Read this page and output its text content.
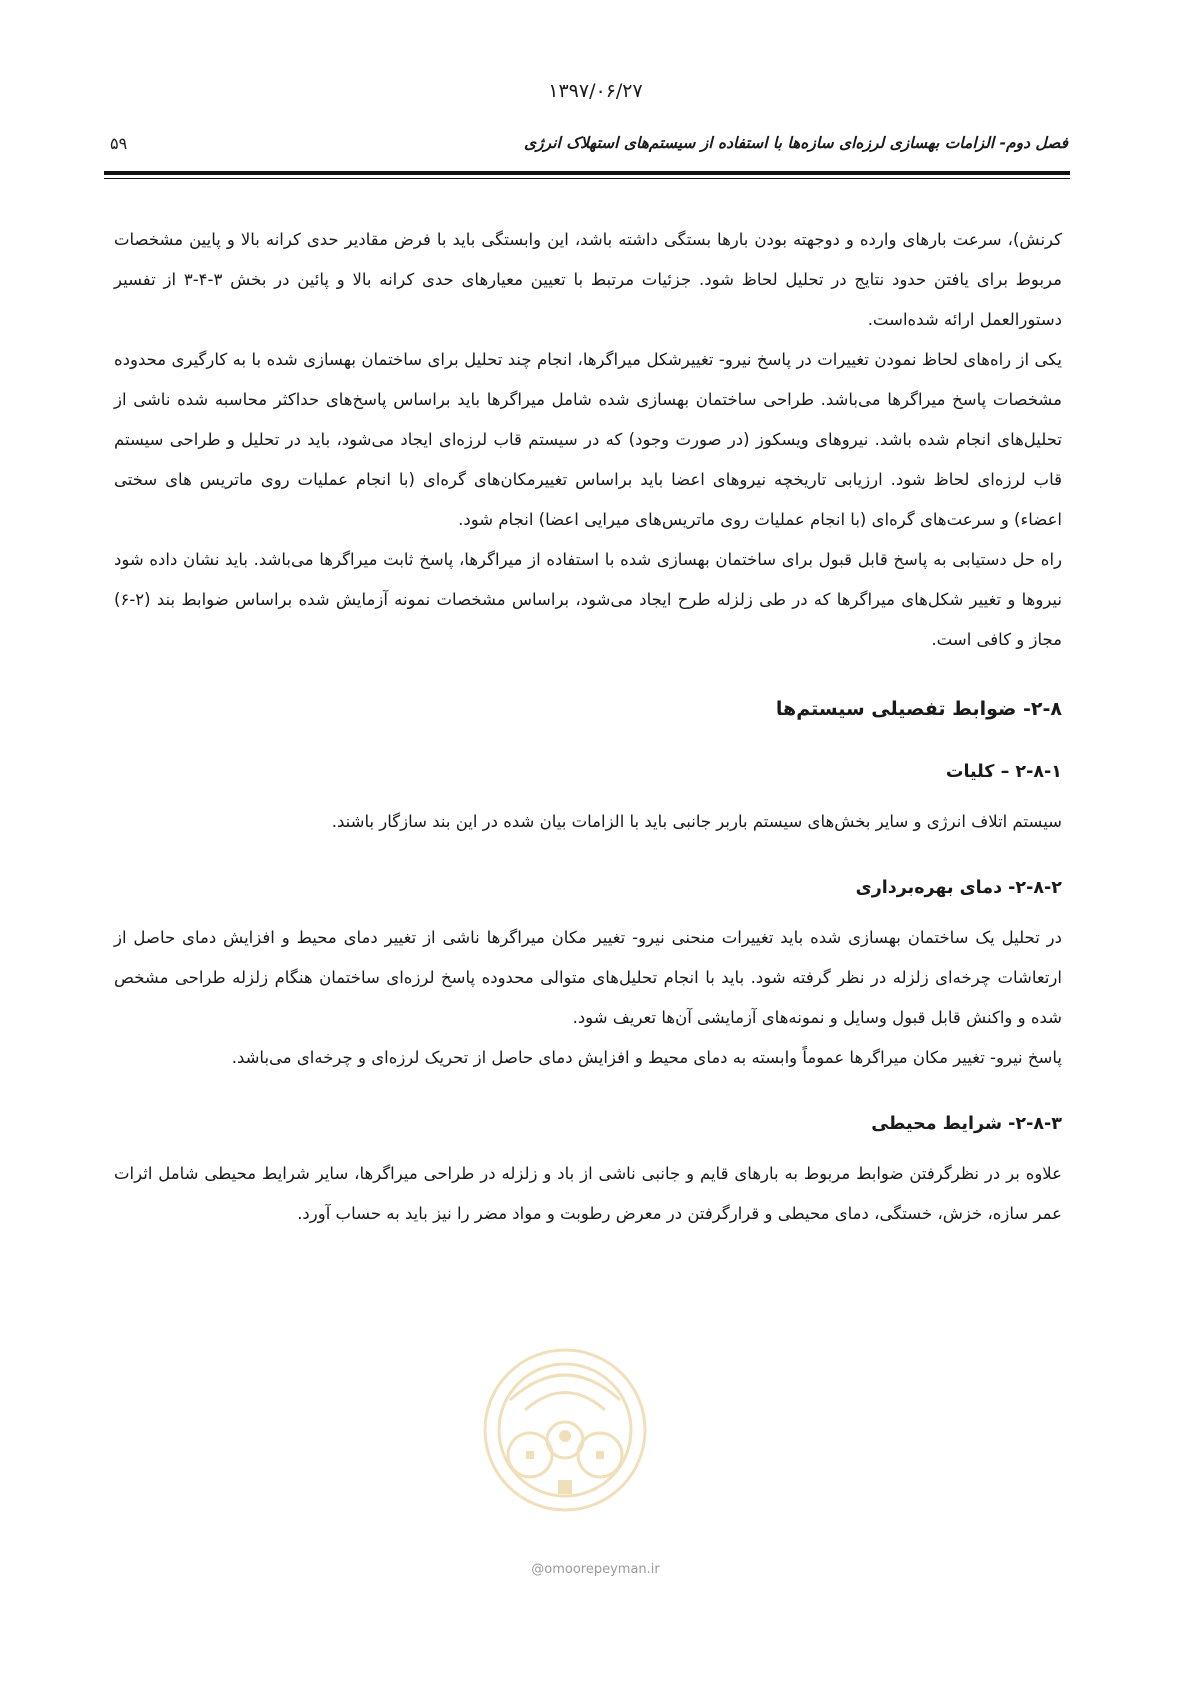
۱۳۹۷/۰۶/۲۷
فصل دوم- الزامات بهسازی لرزه‌ای سازه‌ها با استفاده از سیستم‌های استهلاک انرژی
۵۹

کرنش)، سرعت بارهای وارده و دوجهته بودن بارها بستگی داشته باشد، این وابستگی باید با فرض مقادیر حدی کرانه بالا و پایین مشخصات مربوط برای یافتن حدود نتایج در تحلیل لحاظ شود. جزئیات مرتبط با تعیین معیارهای حدی کرانه بالا و پائین در بخش ۳-۴-۳ از تفسیر دستورالعمل ارائه شده‌است.

یکی از راه‌های لحاظ نمودن تغییرات در پاسخ نیرو- تغییرشکل میراگرها، انجام چند تحلیل برای ساختمان بهسازی شده با به کارگیری محدوده مشخصات پاسخ میراگرها می‌باشد. طراحی ساختمان بهسازی شده شامل میراگرها باید براساس پاسخ‌های حداکثر محاسبه شده ناشی از تحلیل‌های انجام شده باشد. نیروهای ویسکوز (در صورت وجود) که در سیستم قاب لرزه‌ای ایجاد می‌شود، باید در تحلیل و طراحی سیستم قاب لرزه‌ای لحاظ شود. ارزیابی تاریخچه نیروهای اعضا باید براساس تغییرمکان‌های گره‌ای (با انجام عملیات روی ماتریس های سختی اعضاء) و سرعت‌های گره‌ای (با انجام عملیات روی ماتریس‌های میرایی اعضا) انجام شود.

راه حل دستیابی به پاسخ قابل قبول برای ساختمان بهسازی شده با استفاده از میراگرها، پاسخ ثابت میراگرها می‌باشد. باید نشان داده شود نیروها و تغییر شکل‌های میراگرها که در طی زلزله طرح ایجاد می‌شود، براساس مشخصات نمونه آزمایش شده براساس ضوابط بند (۲-۶) مجاز و کافی است.

۲-۸- ضوابط تفصیلی سیستم‌ها
۲-۸-۱ – کلیات

سیستم اتلاف انرژی و سایر بخش‌های سیستم باربر جانبی باید با الزامات بیان شده در این بند سازگار باشند.

۲-۸-۲- دمای بهره‌برداری

در تحلیل یک ساختمان بهسازی شده باید تغییرات منحنی نیرو- تغییر مکان میراگرها ناشی از تغییر دمای محیط و افزایش دمای حاصل از ارتعاشات چرخه‌ای زلزله در نظر گرفته شود. باید با انجام تحلیل‌های متوالی محدوده پاسخ لرزه‌ای ساختمان هنگام زلزله طراحی مشخص شده و واکنش قابل قبول وسایل و نمونه‌های آزمایشی آن‌ها تعریف شود.

پاسخ نیرو- تغییر مکان میراگرها عموماً وابسته به دمای محیط و افزایش دمای حاصل از تحریک لرزه‌ای و چرخه‌ای می‌باشد.

۲-۸-۳- شرایط محیطی

علاوه بر در نظرگرفتن ضوابط مربوط به بارهای قایم و جانبی ناشی از باد و زلزله در طراحی میراگرها، سایر شرایط محیطی شامل اثرات عمر سازه، خزش، خستگی، دمای محیطی و قرارگرفتن در معرض رطوبت و مواد مضر را نیز باید به حساب آورد.

@omoorepeyman.ir
